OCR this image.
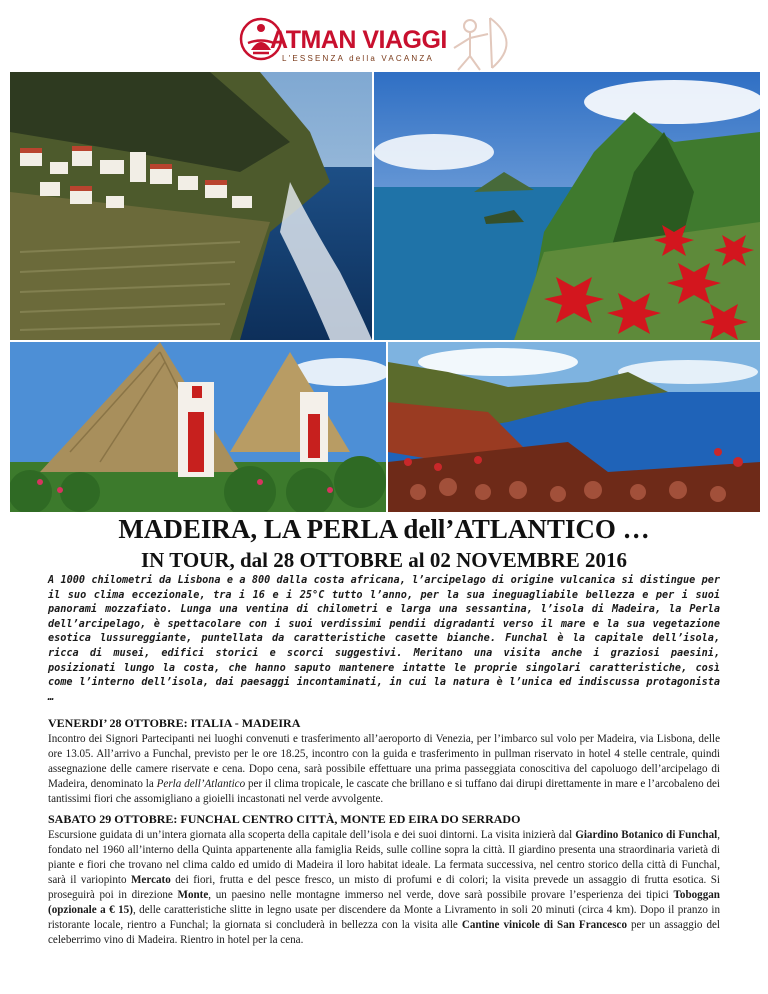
ATMAN VIAGGI
L'ESSENZA della VACANZA
MADEIRA, LA PERLA dell’ATLANTICO …
IN TOUR, dal 28 OTTOBRE al 02 NOVEMBRE 2016
A 1000 chilometri da Lisbona e a 800 dalla costa africana, l’arcipelago di origine vulcanica si distingue per il suo clima eccezionale, tra i 16 e i 25°C tutto l’anno, per la sua ineguagliabile bellezza e per i suoi panorami mozzafiato. Lunga una ventina di chilometri e larga una sessantina, l’isola di Madeira, la Perla dell’arcipelago, è spettacolare con i suoi verdissimi pendii digradanti verso il mare e la sua vegetazione esotica lussureggiante, puntellata da caratteristiche casette bianche. Funchal è la capitale dell’isola, ricca di musei, edifici storici e scorci suggestivi. Meritano una visita anche i graziosi paesini, posizionati lungo la costa, che hanno saputo mantenere intatte le proprie singolari caratteristiche, così come l’interno dell’isola, dai paesaggi incontaminati, in cui la natura è l’unica ed indiscussa protagonista …
VENERDI’ 28 OTTOBRE: ITALIA - MADEIRA
Incontro dei Signori Partecipanti nei luoghi convenuti e trasferimento all’aeroporto di Venezia, per l’imbarco sul volo per Madeira, via Lisbona, delle ore 13.05. All’arrivo a Funchal, previsto per le ore 18.25, incontro con la guida e trasferimento in pullman riservato in hotel 4 stelle centrale, quindi assegnazione delle camere riservate e cena. Dopo cena, sarà possibile effettuare una prima passeggiata conoscitiva del capoluogo dell’arcipelago di Madeira, denominato la Perla dell’Atlantico per il clima tropicale, le cascate che brillano e si tuffano dai dirupi direttamente in mare e l’arcobaleno dei tantissimi fiori che assomigliano a gioielli incastonati nel verde avvolgente.
SABATO 29 OTTOBRE: FUNCHAL CENTRO CITTÀ, MONTE ED EIRA DO SERRADO
Escursione guidata di un’intera giornata alla scoperta della capitale dell’isola e dei suoi dintorni. La visita inizierà dal Giardino Botanico di Funchal, fondato nel 1960 all’interno della Quinta appartenente alla famiglia Reids, sulle colline sopra la città. Il giardino presenta una straordinaria varietà di piante e fiori che trovano nel clima caldo ed umido di Madeira il loro habitat ideale. La fermata successiva, nel centro storico della città di Funchal, sarà il variopinto Mercato dei fiori, frutta e del pesce fresco, un misto di profumi e di colori; la visita prevede un assaggio di frutta esotica. Si proseguirà poi in direzione Monte, un paesino nelle montagne immerso nel verde, dove sarà possibile provare l’esperienza dei tipici Toboggan (opzionale a € 15), delle caratteristiche slitte in legno usate per discendere da Monte a Livramento in soli 20 minuti (circa 4 km). Dopo il pranzo in ristorante locale, rientro a Funchal; la giornata si concluderà in bellezza con la visita alle Cantine vinicole di San Francesco per un assaggio del celeberrimo vino di Madeira. Rientro in hotel per la cena.
